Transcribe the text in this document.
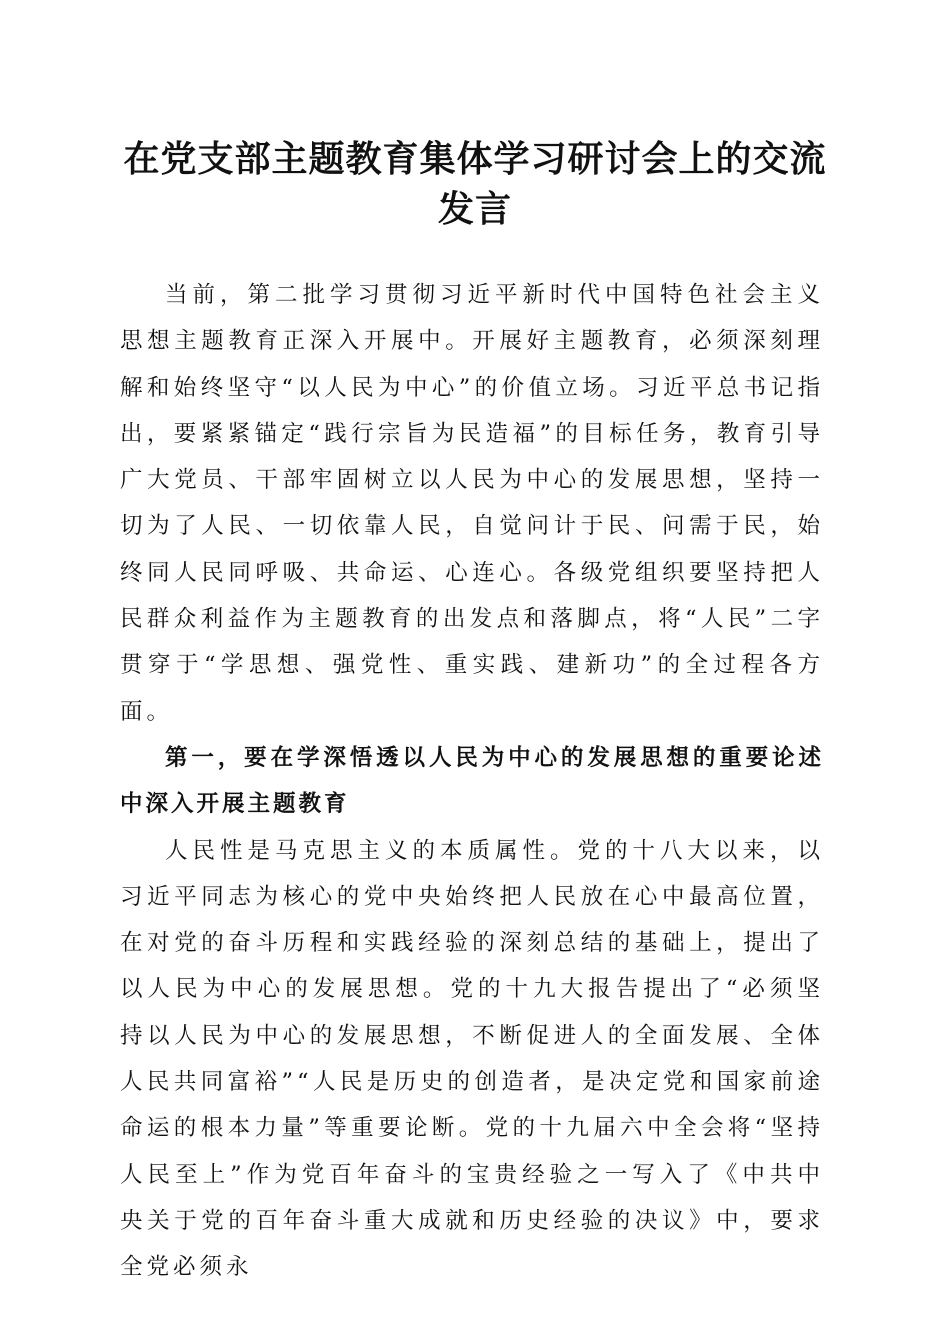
在党支部主题教育集体学习研讨会上的交流发言

当前，第二批学习贯彻习近平新时代中国特色社会主义思想主题教育正深入开展中。开展好主题教育，必须深刻理解和始终坚守“以人民为中心”的价值立场。习近平总书记指出，要紧紧锚定“践行宗旨为民造福”的目标任务，教育引导广大党员、干部牢固树立以人民为中心的发展思想，坚持一切为了人民、一切依靠人民，自觉问计于民、问需于民，始终同人民同呼吸、共命运、心连心。各级党组织要坚持把人民群众利益作为主题教育的出发点和落脚点，将“人民”二字贯穿于“学思想、强党性、重实践、建新功”的全过程各方面。

第一，要在学深悟透以人民为中心的发展思想的重要论述中深入开展主题教育

人民性是马克思主义的本质属性。党的十八大以来，以习近平同志为核心的党中央始终把人民放在心中最高位置，在对党的奋斗历程和实践经验的深刻总结的基础上，提出了以人民为中心的发展思想。党的十九大报告提出了“必须坚持以人民为中心的发展思想，不断促进人的全面发展、全体人民共同富裕”“人民是历史的创造者，是决定党和国家前途命运的根本力量”等重要论断。党的十九届六中全会将“坚持人民至上”作为党百年奋斗的宝贵经验之一写入了《中共中央关于党的百年奋斗重大成就和历史经验的决议》中，要求全党必须永
